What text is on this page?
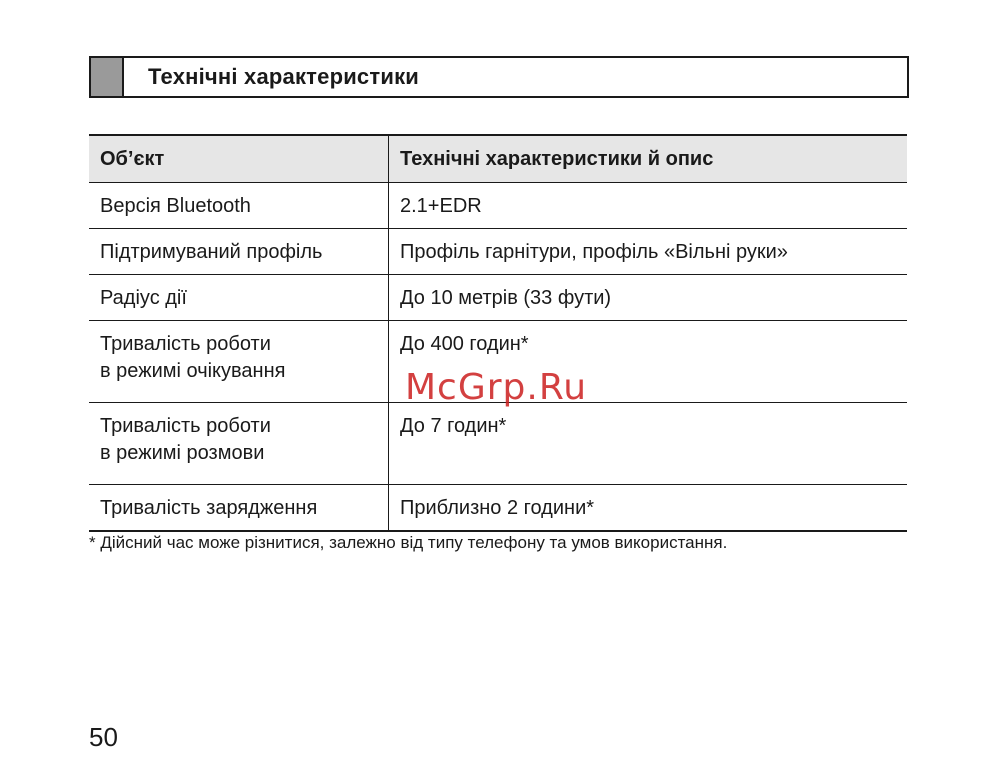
Технічні характеристики
Об’єкт	Технічні характеристики й опис
Версія Bluetooth	2.1+EDR
Підтримуваний профіль	Профіль гарнітури, профіль «Вільні руки»
Радіус дії	До 10 метрів (33 фути)

Тривалість роботи
в режимі очікування	До 400 годин*

Тривалість роботи
в режимі розмови	До 7 годин*
Тривалість зарядження	Приблизно 2 години*
* Дійсний час може різнитися, залежно від типу телефону та умов використання.
50
McGrp.Ru
